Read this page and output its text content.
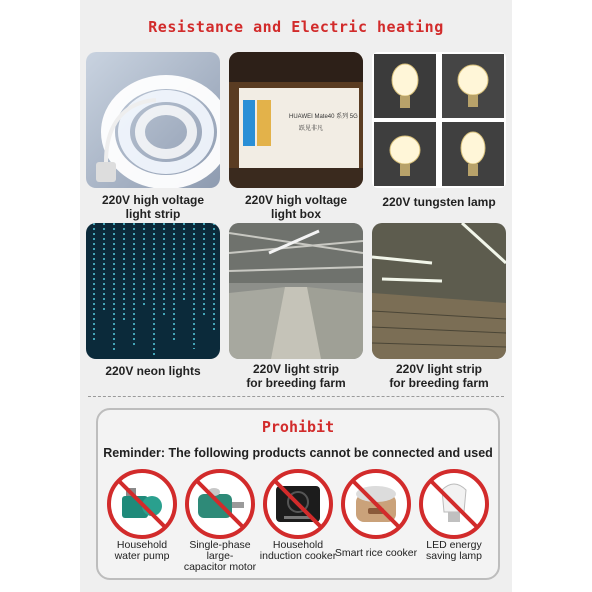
Resistance and Electric heating
HUAWEI Mate40 系列 5G
跃见非凡
220V high voltage
light strip
220V high voltage
light box
220V tungsten lamp
220V neon lights	220V light strip
for breeding farm
220V light strip
for breeding farm
Prohibit
Reminder: The following products cannot be connected and used
Household
water pump
Single-phase
large-
capacitor motor
Household
induction cooker
Smart rice cooker
LED energy
saving lamp
